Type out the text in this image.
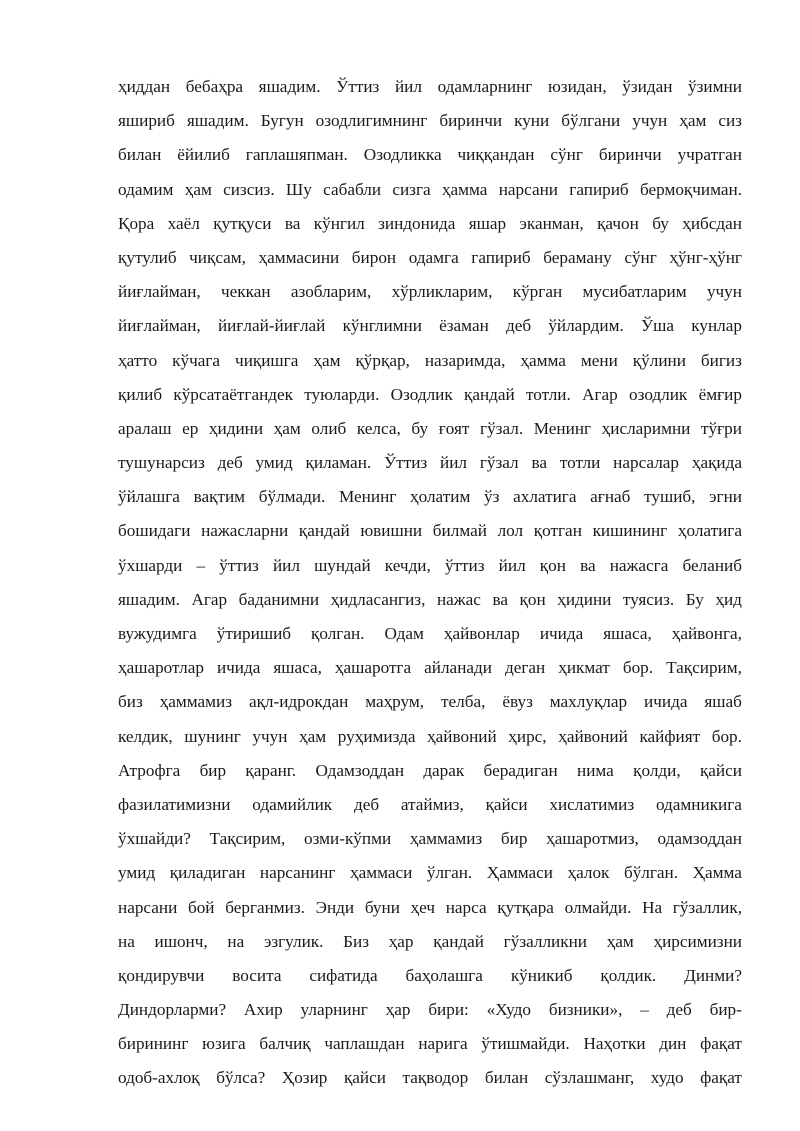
ҳиддан бебаҳра яшадим. Ўттиз йил одамларнинг юзидан, ўзидан ўзимни
яшириб яшадим. Бугун озодлигимнинг биринчи куни бўлгани учун ҳам сиз
билан ёйилиб гаплашяпман. Озодликка чиққандан сўнг биринчи учратган
одамим ҳам сизсиз. Шу сабабли сизга ҳамма нарсани гапириб бермоқчиман.
Қора хаёл қутқуси ва кўнгил зиндонида яшар эканман, қачон бу ҳибсдан
қутулиб чиқсам, ҳаммасини бирон одамга гапириб бераману сўнг ҳўнг-ҳўнг
йиғлайман, чеккан азобларим, хўрликларим, кўрган мусибатларим учун
йиғлайман, йиғлай-йиғлай кўнглимни ёзаман деб ўйлардим. Ўша кунлар
ҳатто кўчага чиқишга ҳам қўрқар, назаримда, ҳамма мени қўлини бигиз
қилиб кўрсатаётгандек туюларди. Озодлик қандай тотли. Агар озодлик ёмғир
аралаш ер ҳидини ҳам олиб келса, бу ғоят гўзал. Менинг ҳисларимни тўғри
тушунарсиз деб умид қиламан. Ўттиз йил гўзал ва тотли нарсалар ҳақида
ўйлашга вақтим бўлмади. Менинг ҳолатим ўз ахлатига ағнаб тушиб, эгни
бошидаги нажасларни қандай ювишни билмай лол қотган кишининг ҳолатига
ўхшарди – ўттиз йил шундай кечди, ўттиз йил қон ва нажасга беланиб
яшадим. Агар баданимни ҳидласангиз, нажас ва қон ҳидини туясиз. Бу ҳид
вужудимга ўтиришиб қолган. Одам ҳайвонлар ичида яшаса, ҳайвонга,
ҳашаротлар ичида яшаса, ҳашаротга айланади деган ҳикмат бор. Тақсирим,
биз ҳаммамиз ақл-идрокдан маҳрум, телба, ёвуз махлуқлар ичида яшаб
келдик, шунинг учун ҳам руҳимизда ҳайвоний ҳирс, ҳайвоний кайфият бор.
Атрофга бир қаранг. Одамзоддан дарак берадиган нима қолди, қайси
фазилатимизни одамийлик деб атаймиз, қайси хислатимиз одамникига
ўхшайди? Тақсирим, озми-кўпми ҳаммамиз бир ҳашаротмиз, одамзоддан
умид қиладиган нарсанинг ҳаммаси ўлган. Ҳаммаси ҳалок бўлган. Ҳамма
нарсани бой берганмиз. Энди буни ҳеч нарса қутқара олмайди. На гўзаллик,
на ишонч, на эзгулик. Биз ҳар қандай гўзалликни ҳам ҳирсимизни
қондирувчи восита сифатида баҳолашга кўникиб қолдик. Динми?
Диндорларми? Ахир уларнинг ҳар бири: «Худо бизники», – деб бир-
бирининг юзига балчиқ чаплашдан нарига ўтишмайди. Наҳотки дин фақат
одоб-ахлоқ бўлса? Ҳозир қайси тақводор билан сўзлашманг, худо фақат
